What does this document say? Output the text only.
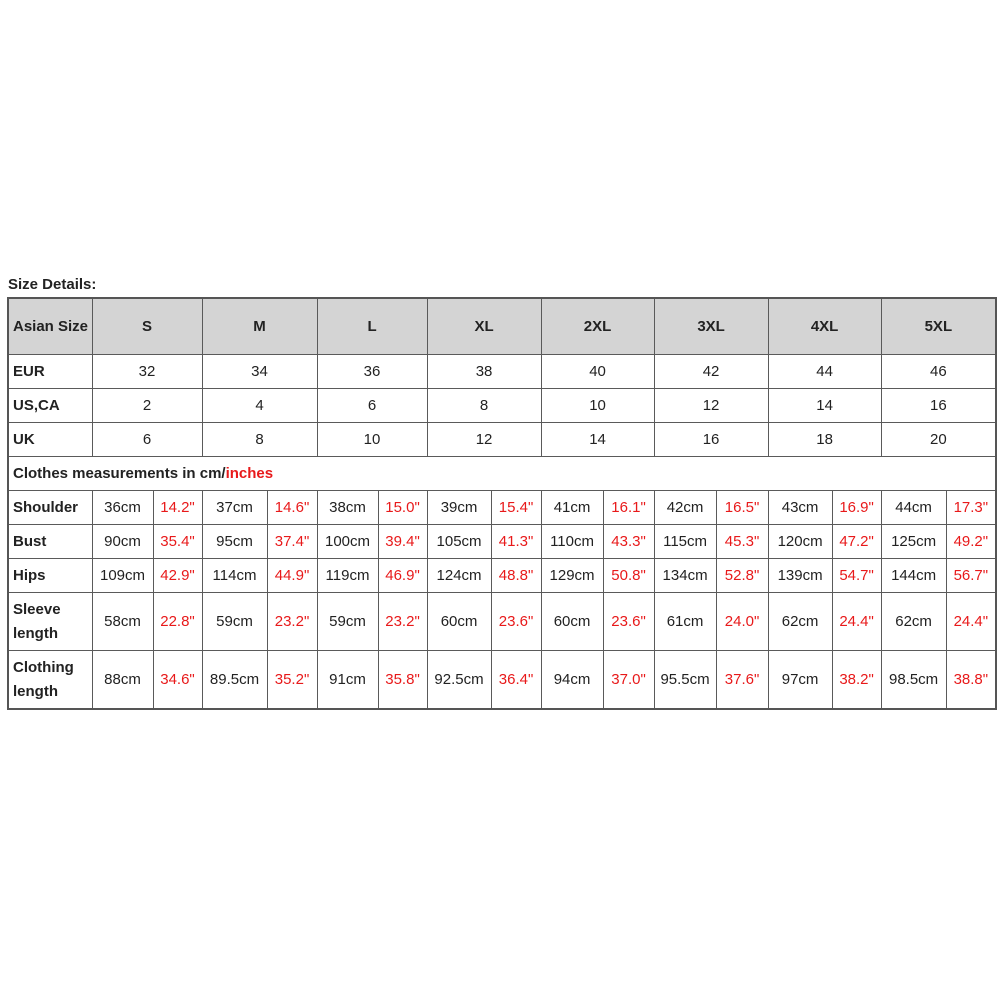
Size Details:
Asian Size	S		M		L		XL		2XL		3XL		4XL		5XL	
EUR	32		34		36		38		40		42		44		46	
US,CA	2		4		6		8		10		12		14		16	
UK	6		8		10		12		14		16		18		20	
Clothes measurements in cm/inches																
Shoulder	36cm	14.2"	37cm	14.6"	38cm	15.0"	39cm	15.4"	41cm	16.1"	42cm	16.5"	43cm	16.9"	44cm	17.3"
Bust	90cm	35.4"	95cm	37.4"	100cm	39.4"	105cm	41.3"	110cm	43.3"	115cm	45.3"	120cm	47.2"	125cm	49.2"
Hips	109cm	42.9"	114cm	44.9"	119cm	46.9"	124cm	48.8"	129cm	50.8"	134cm	52.8"	139cm	54.7"	144cm	56.7"
Sleeve length	58cm	22.8"	59cm	23.2"	59cm	23.2"	60cm	23.6"	60cm	23.6"	61cm	24.0"	62cm	24.4"	62cm	24.4"
Clothing length	88cm	34.6"	89.5cm	35.2"	91cm	35.8"	92.5cm	36.4"	94cm	37.0"	95.5cm	37.6"	97cm	38.2"	98.5cm	38.8"
